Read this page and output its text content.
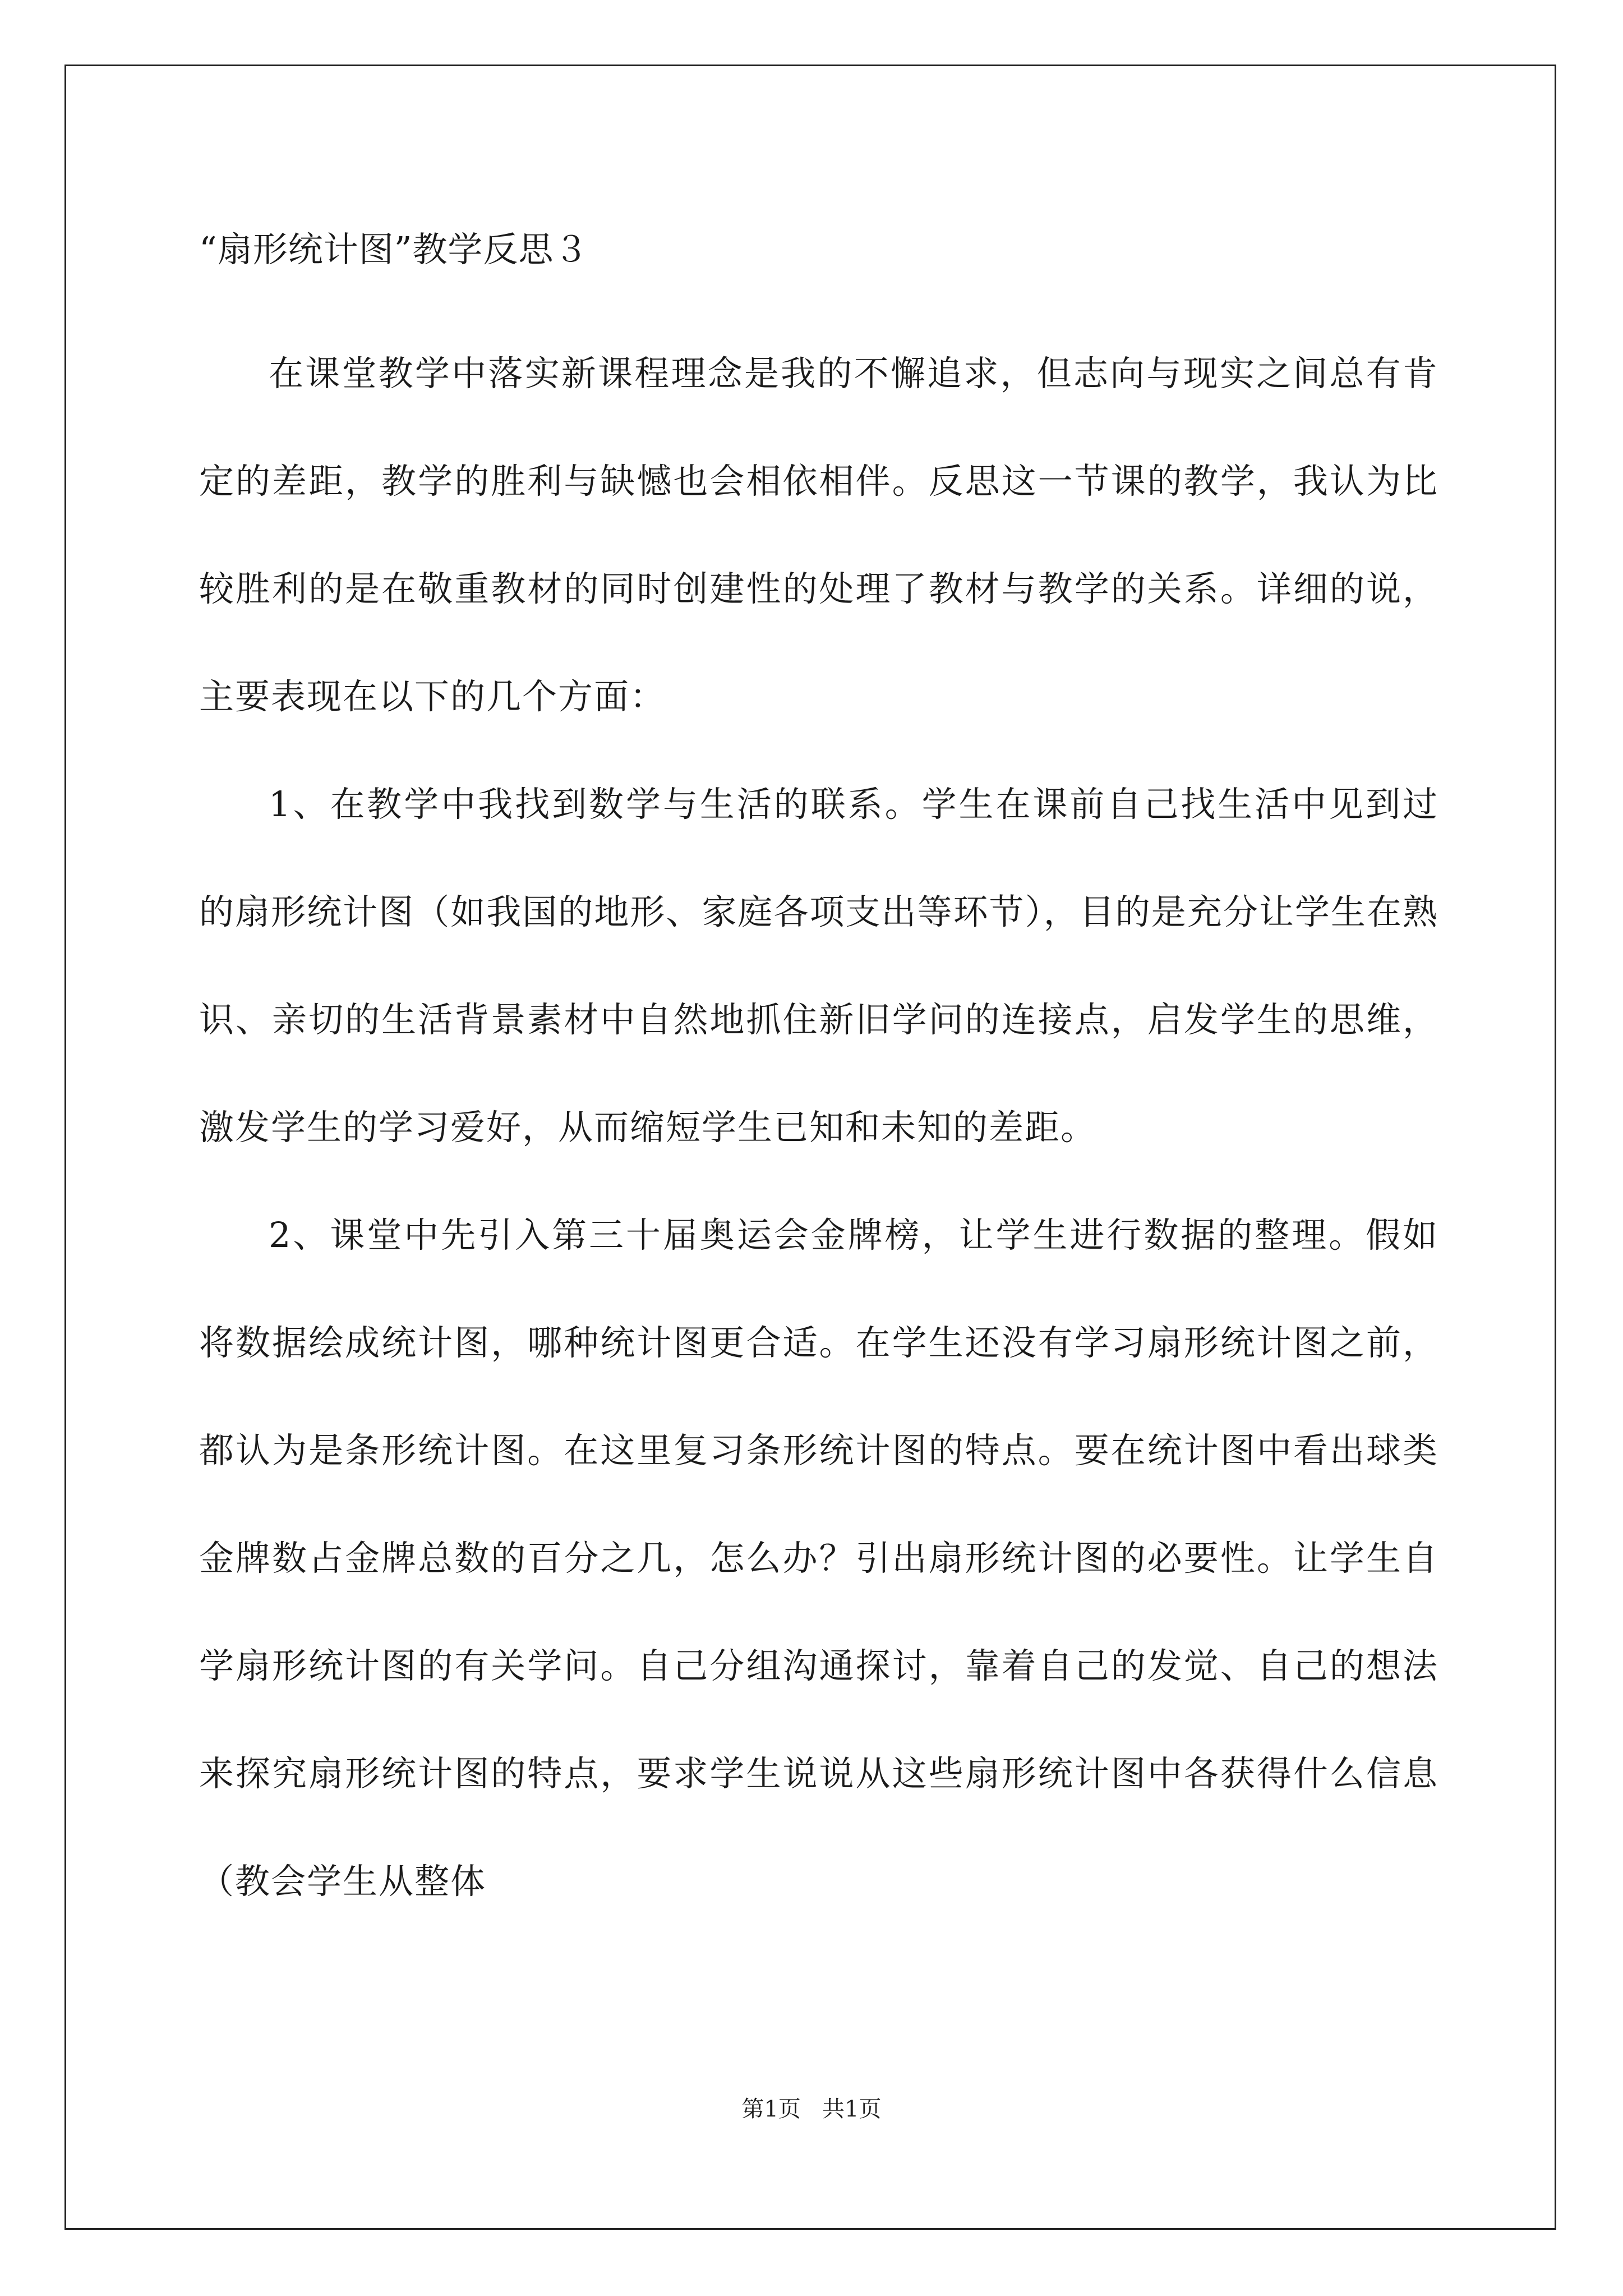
“扇形统计图”教学反思３

在课堂教学中落实新课程理念是我的不懈追求，但志向与现实之间总有肯定的差距，教学的胜利与缺憾也会相依相伴。反思这一节课的教学，我认为比较胜利的是在敬重教材的同时创建性的处理了教材与教学的关系。详细的说，主要表现在以下的几个方面：

1、在教学中我找到数学与生活的联系。学生在课前自己找生活中见到过的扇形统计图（如我国的地形、家庭各项支出等环节），目的是充分让学生在熟识、亲切的生活背景素材中自然地抓住新旧学问的连接点，启发学生的思维，激发学生的学习爱好，从而缩短学生已知和未知的差距。

2、课堂中先引入第三十届奥运会金牌榜，让学生进行数据的整理。假如将数据绘成统计图，哪种统计图更合适。在学生还没有学习扇形统计图之前，都认为是条形统计图。在这里复习条形统计图的特点。要在统计图中看出球类金牌数占金牌总数的百分之几，怎么办？引出扇形统计图的必要性。让学生自学扇形统计图的有关学问。自己分组沟通探讨，靠着自己的发觉、自己的想法来探究扇形统计图的特点，要求学生说说从这些扇形统计图中各获得什么信息（教会学生从整体

第1页   共1页
